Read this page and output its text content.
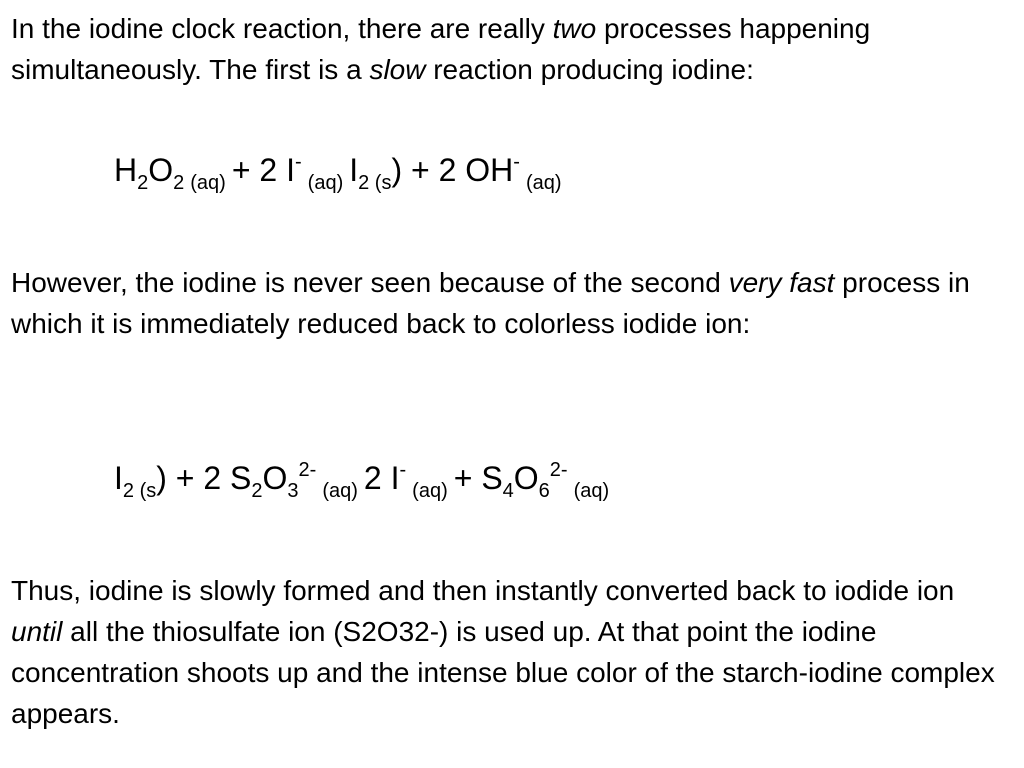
In the iodine clock reaction, there are really two processes happening simultaneously. The first is a slow reaction producing iodine:

$H_2O_2$ $_{(aq)}$ + 2 $I^-_{(aq)}$ $I_{2 (s}) + 2$ $OH^-_{(aq)}$

However, the iodine is never seen because of the second very fast process in which it is immediately reduced back to colorless iodide ion:

$I_{2 (s}) + 2$ $S_2O_3^{2-}_{(aq)}$ 2 $I^-_{(aq)} + S_4O_6^{2-}_{(aq)}$

Thus, iodine is slowly formed and then instantly converted back to iodide ion until all the thiosulfate ion (S2O32-) is used up. At that point the iodine concentration shoots up and the intense blue color of the starch-iodine complex appears.
